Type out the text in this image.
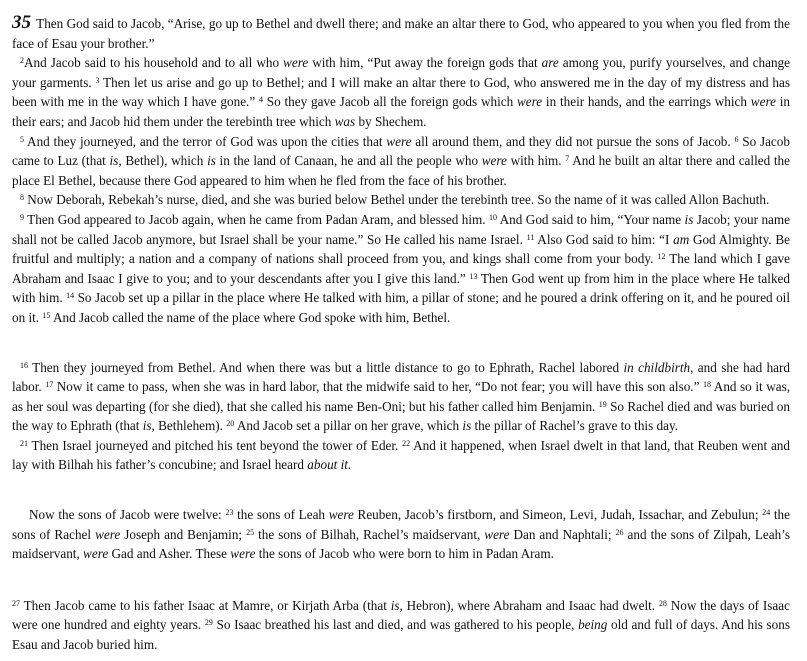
35 Then God said to Jacob, “Arise, go up to Bethel and dwell there; and make an altar there to God, who appeared to you when you fled from the face of Esau your brother.”

$^2$And Jacob said to his household and to all who were with him, “Put away the foreign gods that are among you, purify yourselves, and change your garments. $^3$ Then let us arise and go up to Bethel; and I will make an altar there to God, who answered me in the day of my distress and has been with me in the way which I have gone.” $^4$ So they gave Jacob all the foreign gods which were in their hands, and the earrings which were in their ears; and Jacob hid them under the terebinth tree which was by Shechem.

$^5$ And they journeyed, and the terror of God was upon the cities that were all around them, and they did not pursue the sons of Jacob. $^6$ So Jacob came to Luz (that is, Bethel), which is in the land of Canaan, he and all the people who were with him. $^7$ And he built an altar there and called the place El Bethel, because there God appeared to him when he fled from the face of his brother.

$^8$ Now Deborah, Rebekah’s nurse, died, and she was buried below Bethel under the terebinth tree. So the name of it was called Allon Bachuth.

$^9$ Then God appeared to Jacob again, when he came from Padan Aram, and blessed him. $^{10}$ And God said to him, “Your name is Jacob; your name shall not be called Jacob anymore, but Israel shall be your name.” So He called his name Israel. $^{11}$ Also God said to him: “I am God Almighty. Be fruitful and multiply; a nation and a company of nations shall proceed from you, and kings shall come from your body. $^{12}$ The land which I gave Abraham and Isaac I give to you; and to your descendants after you I give this land.” $^{13}$ Then God went up from him in the place where He talked with him. $^{14}$ So Jacob set up a pillar in the place where He talked with him, a pillar of stone; and he poured a drink offering on it, and he poured oil on it. $^{15}$ And Jacob called the name of the place where God spoke with him, Bethel.

$^{16}$ Then they journeyed from Bethel. And when there was but a little distance to go to Ephrath, Rachel labored in childbirth, and she had hard labor. $^{17}$ Now it came to pass, when she was in hard labor, that the midwife said to her, “Do not fear; you will have this son also.” $^{18}$ And so it was, as her soul was departing (for she died), that she called his name Ben-Oni; but his father called him Benjamin. $^{19}$ So Rachel died and was buried on the way to Ephrath (that is, Bethlehem). $^{20}$ And Jacob set a pillar on her grave, which is the pillar of Rachel’s grave to this day.

$^{21}$ Then Israel journeyed and pitched his tent beyond the tower of Eder. $^{22}$ And it happened, when Israel dwelt in that land, that Reuben went and lay with Bilhah his father’s concubine; and Israel heard about it.

Now the sons of Jacob were twelve: $^{23}$ the sons of Leah were Reuben, Jacob’s firstborn, and Simeon, Levi, Judah, Issachar, and Zebulun; $^{24}$ the sons of Rachel were Joseph and Benjamin; $^{25}$ the sons of Bilhah, Rachel’s maidservant, were Dan and Naphtali; $^{26}$ and the sons of Zilpah, Leah’s maidservant, were Gad and Asher. These were the sons of Jacob who were born to him in Padan Aram.

$^{27}$ Then Jacob came to his father Isaac at Mamre, or Kirjath Arba (that is, Hebron), where Abraham and Isaac had dwelt. $^{28}$ Now the days of Isaac were one hundred and eighty years. $^{29}$ So Isaac breathed his last and died, and was gathered to his people, being old and full of days. And his sons Esau and Jacob buried him.
